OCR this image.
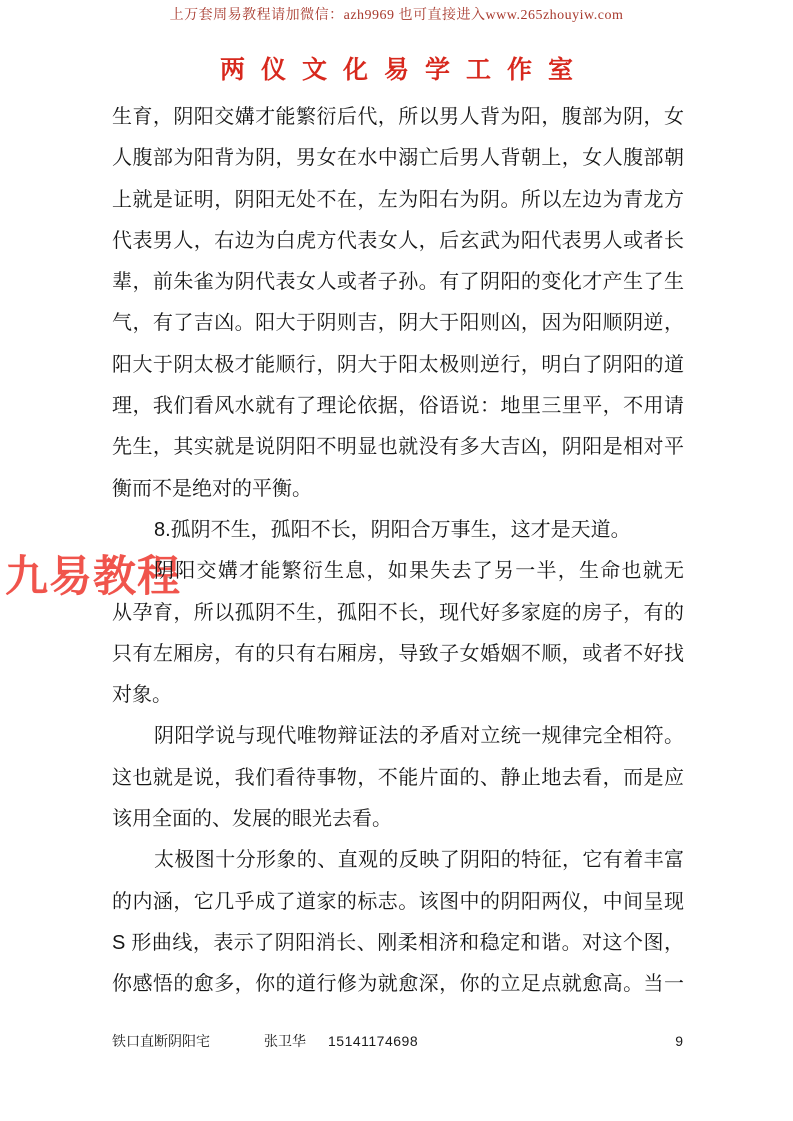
上万套周易教程请加微信：azh9969 也可直接进入www.265zhouyiw.com
两仪文化易学工作室
九易教程
生育，阴阳交媾才能繁衍后代，所以男人背为阳，腹部为阴，女
人腹部为阳背为阴，男女在水中溺亡后男人背朝上，女人腹部朝
上就是证明，阴阳无处不在，左为阳右为阴。所以左边为青龙方
代表男人，右边为白虎方代表女人，后玄武为阳代表男人或者长
辈，前朱雀为阴代表女人或者子孙。有了阴阳的变化才产生了生
气，有了吉凶。阳大于阴则吉，阴大于阳则凶，因为阳顺阴逆，
阳大于阴太极才能顺行，阴大于阳太极则逆行，明白了阴阳的道
理，我们看风水就有了理论依据，俗语说：地里三里平，不用请
先生，其实就是说阴阳不明显也就没有多大吉凶，阴阳是相对平
衡而不是绝对的平衡。
8.孤阴不生，孤阳不长，阴阳合万事生，这才是天道。
阴阳交媾才能繁衍生息，如果失去了另一半，生命也就无
从孕育，所以孤阴不生，孤阳不长，现代好多家庭的房子，有的
只有左厢房，有的只有右厢房，导致子女婚姻不顺，或者不好找
对象。
阴阳学说与现代唯物辩证法的矛盾对立统一规律完全相符。
这也就是说，我们看待事物，不能片面的、静止地去看，而是应
该用全面的、发展的眼光去看。
太极图十分形象的、直观的反映了阴阳的特征，它有着丰富
的内涵，它几乎成了道家的标志。该图中的阴阳两仪，中间呈现
S 形曲线，表示了阴阳消长、刚柔相济和稳定和谐。对这个图，
你感悟的愈多，你的道行修为就愈深，你的立足点就愈高。当一
铁口直断阴阳宅	张卫华 15141174698	9
